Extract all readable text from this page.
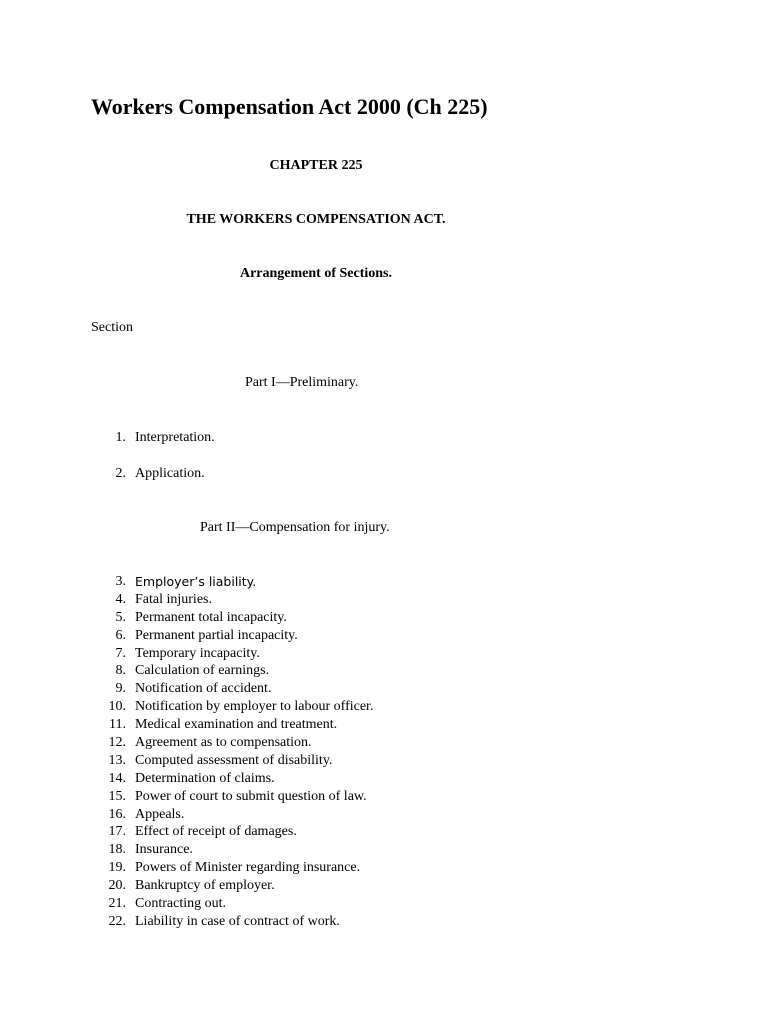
Workers Compensation Act 2000 (Ch 225)
CHAPTER 225
THE WORKERS COMPENSATION ACT.
Arrangement of Sections.
Section
Part I—Preliminary.
1. Interpretation.
2. Application.
Part II—Compensation for injury.
3. Employer’s liability.
4. Fatal injuries.
5. Permanent total incapacity.
6. Permanent partial incapacity.
7. Temporary incapacity.
8. Calculation of earnings.
9. Notification of accident.
10. Notification by employer to labour officer.
11. Medical examination and treatment.
12. Agreement as to compensation.
13. Computed assessment of disability.
14. Determination of claims.
15. Power of court to submit question of law.
16. Appeals.
17. Effect of receipt of damages.
18. Insurance.
19. Powers of Minister regarding insurance.
20. Bankruptcy of employer.
21. Contracting out.
22. Liability in case of contract of work.
